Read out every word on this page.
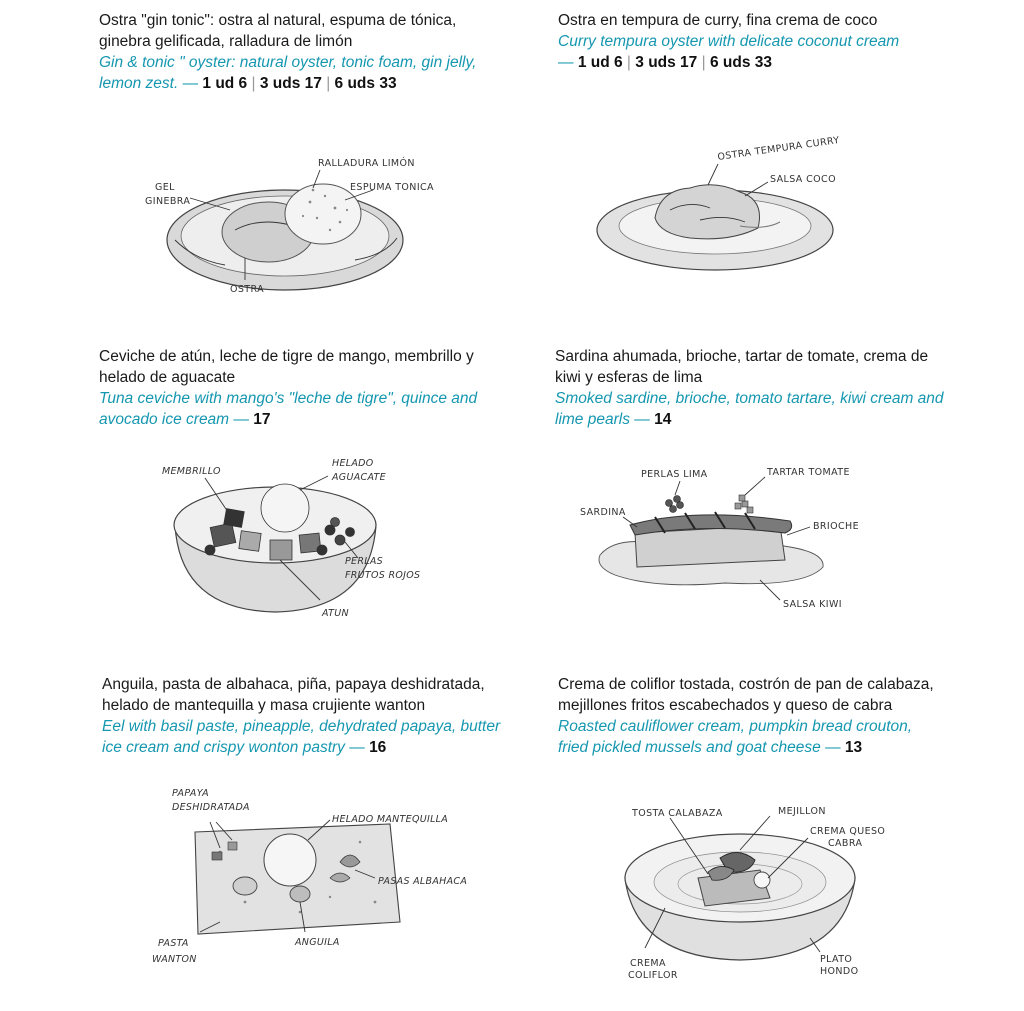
Ostra "gin tonic": ostra al natural, espuma de tónica, ginebra gelificada, ralladura de limón

Gin & tonic " oyster: natural oyster, tonic foam, gin jelly, lemon zest. — 1 ud 6 | 3 uds 17 | 6 uds 33

RALLADURA LIMÓN
GEL
GINEBRA
ESPUMA TONICA
OSTRA

Ostra en tempura de curry, fina crema de coco

Curry tempura oyster with delicate coconut cream

— 1 ud 6 | 3 uds 17 | 6 uds 33

OSTRA TEMPURA CURRY
SALSA COCO

Ceviche de atún, leche de tigre de mango, membrillo y helado de aguacate

Tuna ceviche with mango's "leche de tigre", quince and avocado ice cream — 17

MEMBRILLO
HELADO
AGUACATE
PERLAS
FRUTOS ROJOS
ATUN

Sardina ahumada, brioche, tartar de tomate, crema de kiwi y esferas de lima

Smoked sardine, brioche, tomato tartare, kiwi cream and lime pearls — 14

PERLAS LIMA	TARTAR TOMATE
SARDINA
BRIOCHE
SALSA KIWI

Anguila, pasta de albahaca, piña, papaya deshidratada, helado de mantequilla y masa crujiente wanton

Eel with basil paste, pineapple, dehydrated papaya, butter ice cream and crispy wonton pastry — 16

PAPAYA
DESHIDRATADA
HELADO MANTEQUILLA
PASAS ALBAHACA
PASTA
WANTON
ANGUILA

Crema de coliflor tostada, costrón de pan de calabaza, mejillones fritos escabechados y queso de cabra

Roasted cauliflower cream, pumpkin bread crouton, fried pickled mussels and goat cheese — 13

TOSTA CALABAZA	MEJILLON
CREMA QUESO
CABRA
CREMA
COLIFLOR
PLATO
HONDO
